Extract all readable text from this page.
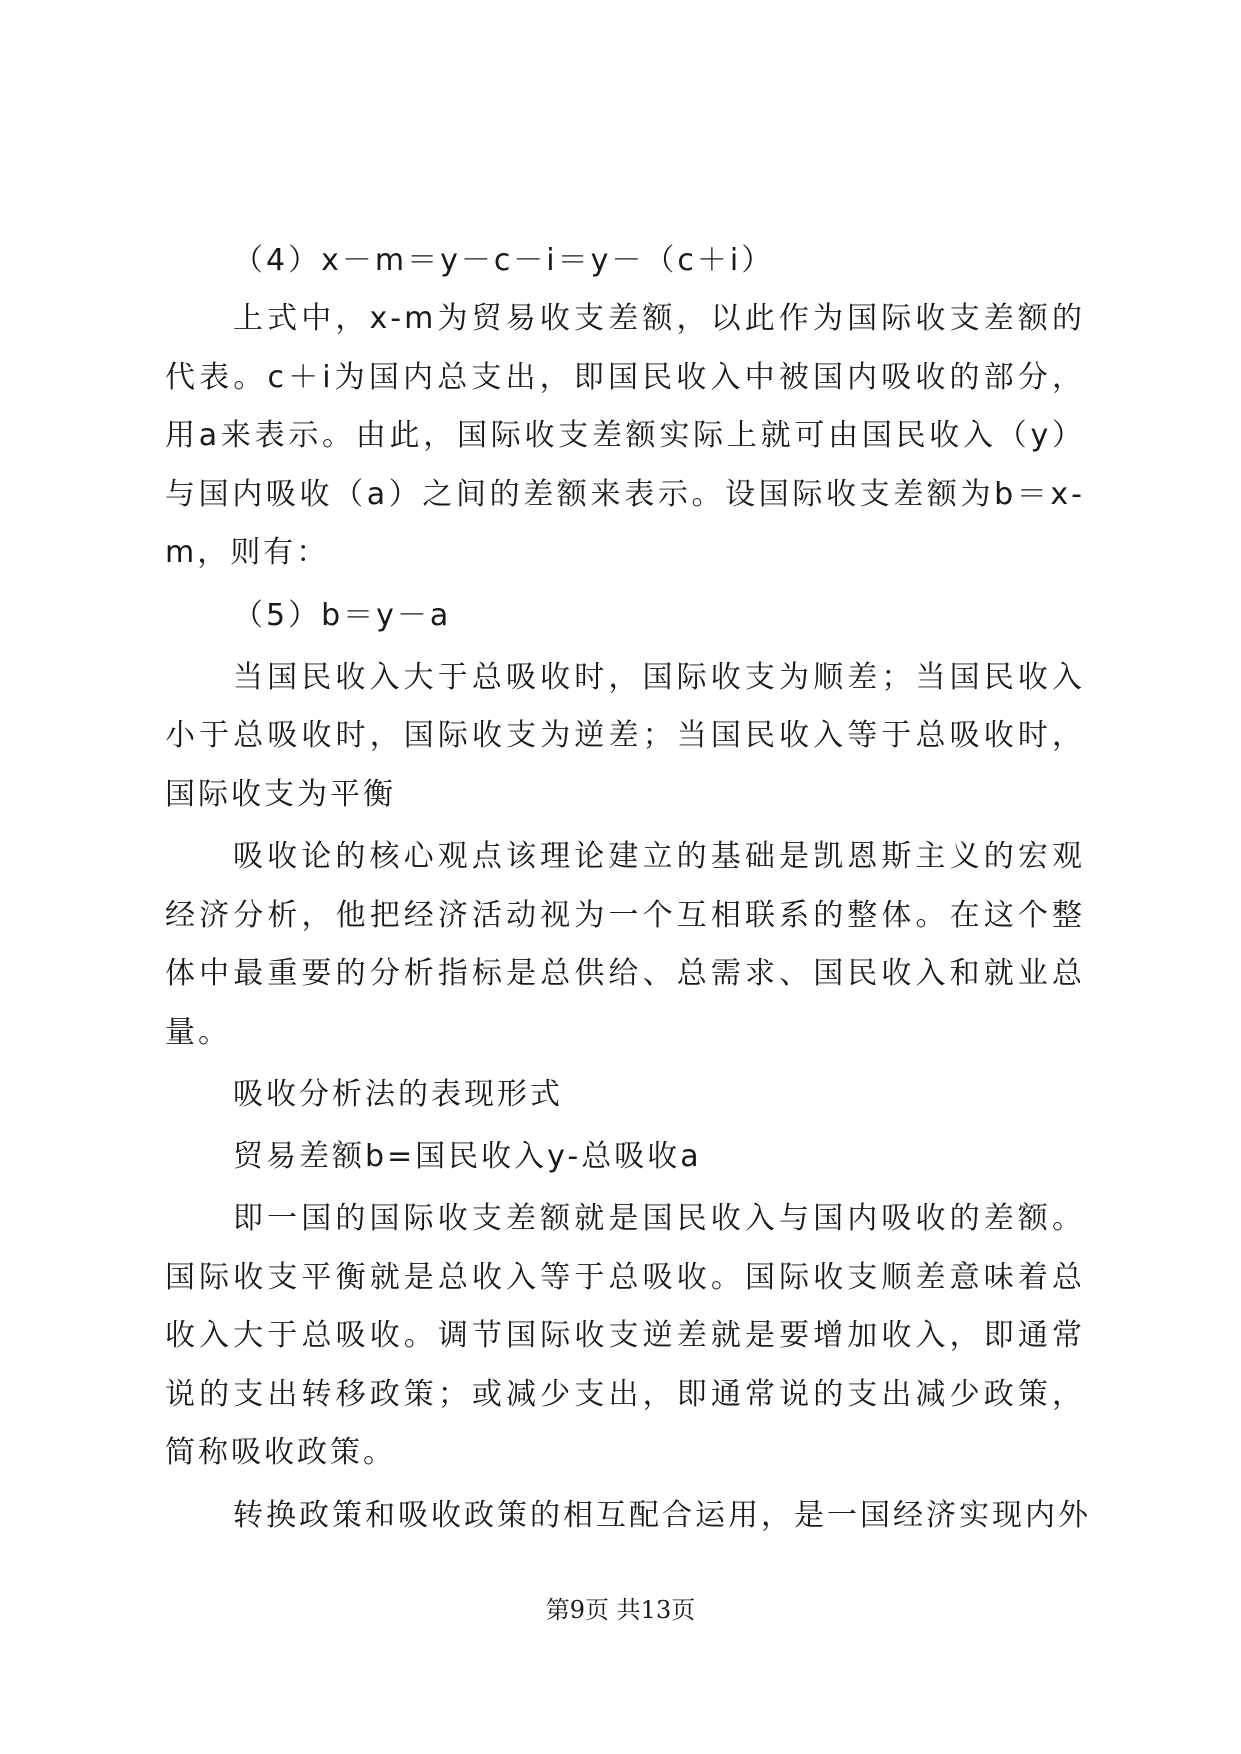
（4）x－m＝y－c－i＝y－（c＋i）

上式中，x-m为贸易收支差额，以此作为国际收支差额的代表。c＋i为国内总支出，即国民收入中被国内吸收的部分，用a来表示。由此，国际收支差额实际上就可由国民收入（y）与国内吸收（a）之间的差额来表示。设国际收支差额为b＝x-m，则有：

（5）b＝y－a

当国民收入大于总吸收时，国际收支为顺差；当国民收入小于总吸收时，国际收支为逆差；当国民收入等于总吸收时，国际收支为平衡

吸收论的核心观点该理论建立的基础是凯恩斯主义的宏观经济分析，他把经济活动视为一个互相联系的整体。在这个整体中最重要的分析指标是总供给、总需求、国民收入和就业总量。

吸收分析法的表现形式
贸易差额b=国民收入y-总吸收a

即一国的国际收支差额就是国民收入与国内吸收的差额。国际收支平衡就是总收入等于总吸收。国际收支顺差意味着总收入大于总吸收。调节国际收支逆差就是要增加收入，即通常说的支出转移政策；或减少支出，即通常说的支出减少政策，简称吸收政策。

转换政策和吸收政策的相互配合运用，是一国经济实现内外
第9页 共13页
